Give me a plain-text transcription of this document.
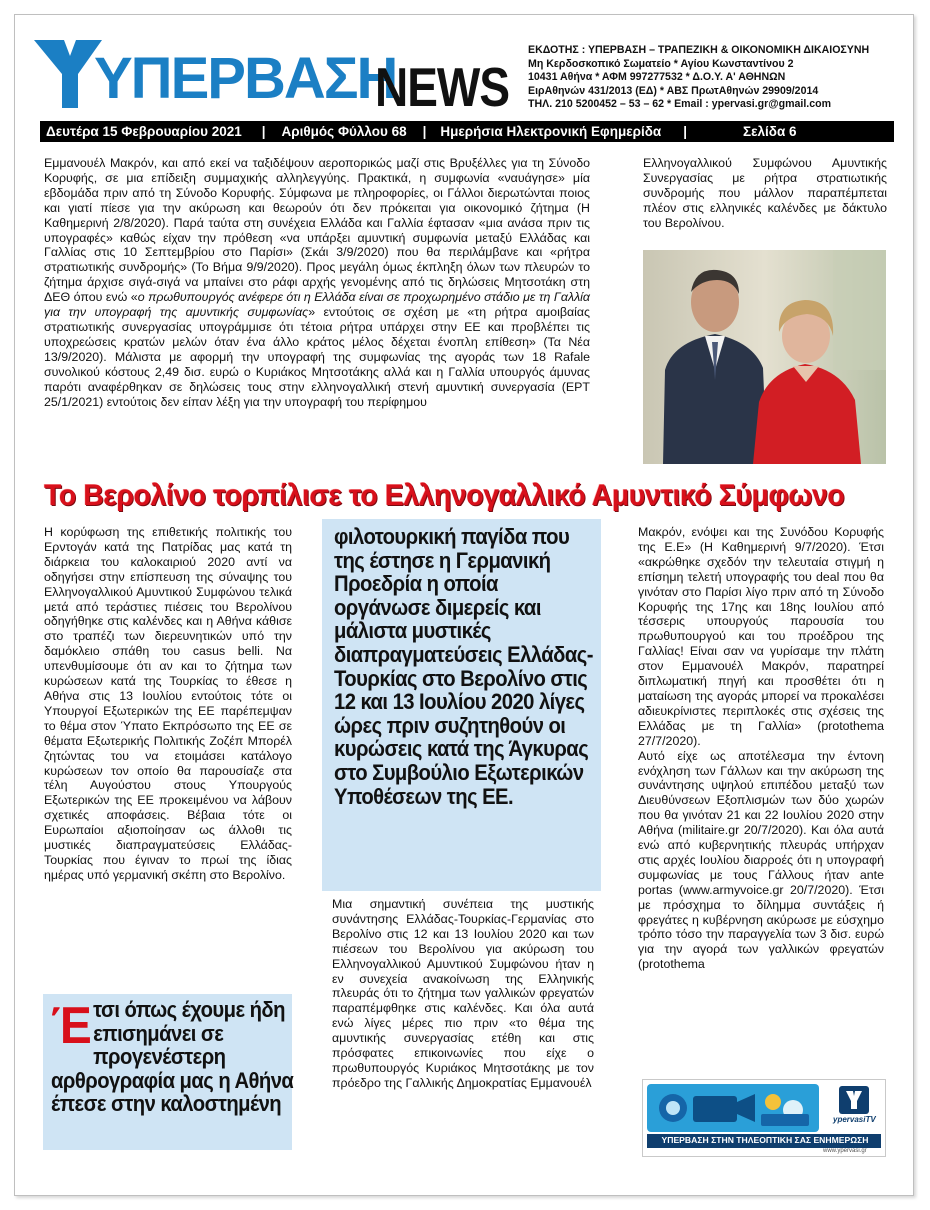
ΥΠΕΡΒΑΣΗ
NEWS
ΕΚΔΟΤΗΣ : ΥΠΕΡΒΑΣΗ – ΤΡΑΠΕΖΙΚΗ & ΟΙΚΟΝΟΜΙΚΗ ΔΙΚΑΙΟΣΥΝΗ
Μη Κερδοσκοπικό Σωματείο * Αγίου Κωνσταντίνου 2
10431 Αθήνα * ΑΦΜ 997277532 * Δ.Ο.Υ. Α' ΑΘΗΝΩΝ
ΕιρΑθηνών 431/2013 (ΕΔ) * ΑΒΣ ΠρωτΑθηνών 29909/2014
ΤΗΛ. 210 5200452 – 53 – 62 * Email : ypervasi.gr@gmail.com
Δευτέρα 15 Φεβρουαρίου 2021 | Αριθμός Φύλλου 68 | Ημερήσια Ηλεκτρονική Εφημερίδα |	Σελίδα 6

Εμμανουέλ Μακρόν, και από εκεί να ταξιδέψουν αεροπορικώς μαζί στις Βρυξέλλες για τη Σύνοδο Κορυφής, σε μια επίδειξη συμμαχικής αλληλεγγύης. Πρακτικά, η συμφωνία «ναυάγησε» μία εβδομάδα πριν από τη Σύνοδο Κορυφής. Σύμφωνα με πληροφορίες, οι Γάλλοι διερωτώνται ποιος και γιατί πίεσε για την ακύρωση και θεωρούν ότι δεν πρόκειται για οικονομικό ζήτημα (Η Καθημερινή 2/8/2020). Παρά ταύτα στη συνέχεια Ελλάδα και Γαλλία έφτασαν «μια ανάσα πριν τις υπογραφές» καθώς είχαν την πρόθεση «να υπάρξει αμυντική συμφωνία μεταξύ Ελλάδας και Γαλλίας στις 10 Σεπτεμβρίου στο Παρίσι» (Σκάι 3/9/2020) που θα περιλάμβανε και «ρήτρα στρατιωτικής συνδρομής» (Το Βήμα 9/9/2020). Προς μεγάλη όμως έκπληξη όλων των πλευρών το ζήτημα άρχισε σιγά-σιγά να μπαίνει στο ράφι αρχής γενομένης από τις δηλώσεις Μητσοτάκη στη ΔΕΘ όπου ενώ «ο πρωθυπουργός ανέφερε ότι η Ελλάδα είναι σε προχωρημένο στάδιο με τη Γαλλία για την υπογραφή της αμυντικής συμφωνίας» εντούτοις σε σχέση με «τη ρήτρα αμοιβαίας στρατιωτικής συνεργασίας υπογράμμισε ότι τέτοια ρήτρα υπάρχει στην ΕΕ και προβλέπει τις υποχρεώσεις κρατών μελών όταν ένα άλλο κράτος μέλος δέχεται ένοπλη επίθεση» (Τα Νέα 13/9/2020). Μάλιστα με αφορμή την υπογραφή της συμφωνίας της αγοράς των 18 Rafale συνολικού κόστους 2,49 δισ. ευρώ ο Κυριάκος Μητσοτάκης αλλά και η Γαλλία υπουργός άμυνας παρότι αναφέρθηκαν σε δηλώσεις τους στην ελληνογαλλική στενή αμυντική συνεργασία (ΕΡΤ 25/1/2021) εντούτοις δεν είπαν λέξη για την υπογραφή του περίφημου

Ελληνογαλλικού Συμφώνου Αμυντικής Συνεργασίας με ρήτρα στρατιωτικής συνδρομής που μάλλον παραπέμπεται πλέον στις ελληνικές καλένδες με δάκτυλο του Βερολίνου.

Το Βερολίνο τορπίλισε το Ελληνογαλλικό Αμυντικό Σύμφωνο

Η κορύφωση της επιθετικής πολιτικής του Ερντογάν κατά της Πατρίδας μας κατά τη διάρκεια του καλοκαιριού 2020 αντί να οδηγήσει στην επίσπευση της σύναψης του Ελληνογαλλικού Αμυντικού Συμφώνου τελικά μετά από τεράστιες πιέσεις του Βερολίνου οδηγήθηκε στις καλένδες και η Αθήνα κάθισε στο τραπέζι των διερευνητικών υπό την δαμόκλειο σπάθη του casus belli. Να υπενθυμίσουμε ότι αν και το ζήτημα των κυρώσεων κατά της Τουρκίας το έθεσε η Αθήνα στις 13 Ιουλίου εντούτοις τότε οι Υπουργοί Εξωτερικών της ΕΕ παρέπεμψαν το θέμα στον Ύπατο Εκπρόσωπο της ΕΕ σε θέματα Εξωτερικής Πολιτικής Ζοζέπ Μπορέλ ζητώντας του να ετοιμάσει κατάλογο κυρώσεων τον οποίο θα παρουσίαζε στα τέλη Αυγούστου στους Υπουργούς Εξωτερικών της ΕΕ προκειμένου να λάβουν σχετικές αποφάσεις. Βέβαια τότε οι Ευρωπαίοι αξιοποίησαν ως άλλοθι τις μυστικές διαπραγματεύσεις Ελλάδας-Τουρκίας που έγιναν το πρωί της ίδιας ημέρας υπό γερμανική σκέπη στο Βερολίνο.

Έτσι όπως έχουμε ήδη επισημάνει σε προγενέστερη αρθρογραφία μας η Αθήνα έπεσε στην καλοστημένη
φιλοτουρκική παγίδα που της έστησε η Γερμανική Προεδρία η οποία οργάνωσε διμερείς και μάλιστα μυστικές διαπραγματεύσεις Ελλάδας-Τουρκίας στο Βερολίνο στις 12 και 13 Ιουλίου 2020 λίγες ώρες πριν συζητηθούν οι κυρώσεις κατά της Άγκυρας στο Συμβούλιο Εξωτερικών Υποθέσεων της ΕΕ.

Μια σημαντική συνέπεια της μυστικής συνάντησης Ελλάδας-Τουρκίας-Γερμανίας στο Βερολίνο στις 12 και 13 Ιουλίου 2020 και των πιέσεων του Βερολίνου για ακύρωση του Ελληνογαλλικού Αμυντικού Συμφώνου ήταν η εν συνεχεία ανακοίνωση της Ελληνικής πλευράς ότι το ζήτημα των γαλλικών φρεγατών παραπέμφθηκε στις καλένδες. Και όλα αυτά ενώ λίγες μέρες πιο πριν «το θέμα της αμυντικής συνεργασίας ετέθη και στις πρόσφατες επικοινωνίες που είχε ο πρωθυπουργός Κυριάκος Μητσοτάκης με τον πρόεδρο της Γαλλικής Δημοκρατίας Εμμανουέλ

Μακρόν, ενόψει και της Συνόδου Κορυφής της Ε.Ε» (Η Καθημερινή 9/7/2020). Έτσι «ακρώθηκε σχεδόν την τελευταία στιγμή η επίσημη τελετή υπογραφής του deal που θα γινόταν στο Παρίσι λίγο πριν από τη Σύνοδο Κορυφής της 17ης και 18ης Ιουλίου από τέσσερις υπουργούς παρουσία του πρωθυπουργού και του προέδρου της Γαλλίας! Είναι σαν να γυρίσαμε την πλάτη στον Εμμανουέλ Μακρόν, παρατηρεί διπλωματική πηγή και προσθέτει ότι η ματαίωση της αγοράς μπορεί να προκαλέσει αδιευκρίνιστες περιπλοκές στις σχέσεις της Ελλάδας με τη Γαλλία» (protothema 27/7/2020).

Αυτό είχε ως αποτέλεσμα την έντονη ενόχληση των Γάλλων και την ακύρωση της συνάντησης υψηλού επιπέδου μεταξύ των Διευθύνσεων Εξοπλισμών των δύο χωρών που θα γινόταν 21 και 22 Ιουλίου 2020 στην Αθήνα (militaire.gr 20/7/2020). Και όλα αυτά ενώ από κυβερνητικής πλευράς υπήρχαν στις αρχές Ιουλίου διαρροές ότι η υπογραφή συμφωνίας με τους Γάλλους ήταν ante portas (www.armyvoice.gr 20/7/2020). Έτσι με πρόσχημα το δίλημμα συντάξεις ή φρεγάτες η κυβέρνηση ακύρωσε με εύσχημο τρόπο τόσο την παραγγελία των 3 δισ. ευρώ για την αγορά των γαλλικών φρεγατών (protothema

ypervasiTV
ΥΠΕΡΒΑΣΗ ΣΤΗΝ ΤΗΛΕΟΠΤΙΚΗ ΣΑΣ ΕΝΗΜΕΡΩΣΗ
www.ypervasi.gr
